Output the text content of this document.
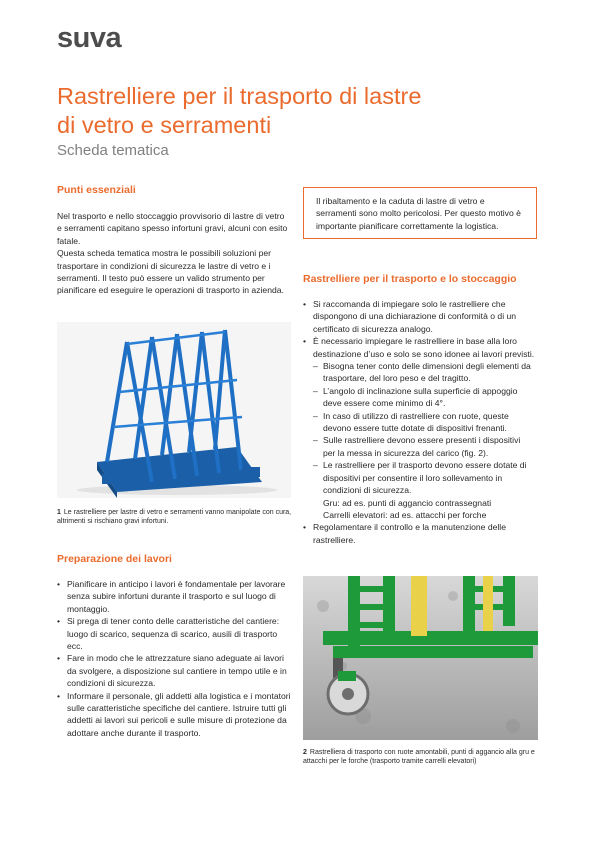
suva
Rastrelliere per il trasporto di lastre
di vetro e serramenti
Scheda tematica
Punti essenziali

Nel trasporto e nello stoccaggio provvisorio di lastre di vetro e serramenti capitano spesso infortuni gravi, alcuni con esito fatale.

Questa scheda tematica mostra le possibili soluzioni per trasportare in condizioni di sicurezza le lastre di vetro e i serramenti. Il testo può essere un valido strumento per pianificare ed eseguire le operazioni di trasporto in azienda.

1 Le rastrelliere per lastre di vetro e serramenti vanno manipolate con cura, altrimenti si rischiano gravi infortuni.
Preparazione dei lavori
• Pianificare in anticipo i lavori è fondamentale per lavorare senza subire infortuni durante il trasporto e sul luogo di montaggio.
• Si prega di tener conto delle caratteristiche del cantiere: luogo di scarico, sequenza di scarico, ausili di trasporto ecc.
• Fare in modo che le attrezzature siano adeguate ai lavori da svolgere, a disposizione sul cantiere in tempo utile e in condizioni di sicurezza.
• Informare il personale, gli addetti alla logistica e i montatori sulle caratteristiche specifiche del cantiere. Istruire tutti gli addetti ai lavori sui pericoli e sulle misure di protezione da adottare anche durante il trasporto.
Il ribaltamento e la caduta di lastre di vetro e serramenti sono molto pericolosi. Per questo motivo è importante pianificare correttamente la logistica.
Rastrelliere per il trasporto e lo stoccaggio
• Si raccomanda di impiegare solo le rastrelliere che dispongono di una dichiarazione di conformità o di un certificato di sicurezza analogo.
• È necessario impiegare le rastrelliere in base alla loro destinazione d’uso e solo se sono idonee ai lavori previsti.
– Bisogna tener conto delle dimensioni degli elementi da trasportare, del loro peso e del tragitto.
– L’angolo di inclinazione sulla superficie di appoggio deve essere come minimo di 4°.
– In caso di utilizzo di rastrelliere con ruote, queste devono essere tutte dotate di dispositivi frenanti.
– Sulle rastrelliere devono essere presenti i dispositivi per la messa in sicurezza del carico (fig. 2).
– Le rastrelliere per il trasporto devono essere dotate di dispositivi per consentire il loro sollevamento in condizioni di sicurezza.
Gru: ad es. punti di aggancio contrassegnati
Carrelli elevatori: ad es. attacchi per forche
• Regolamentare il controllo e la manutenzione delle rastrelliere.
2 Rastrelliera di trasporto con ruote amontabili, punti di aggancio alla gru e attacchi per le forche (trasporto tramite carrelli elevatori)
